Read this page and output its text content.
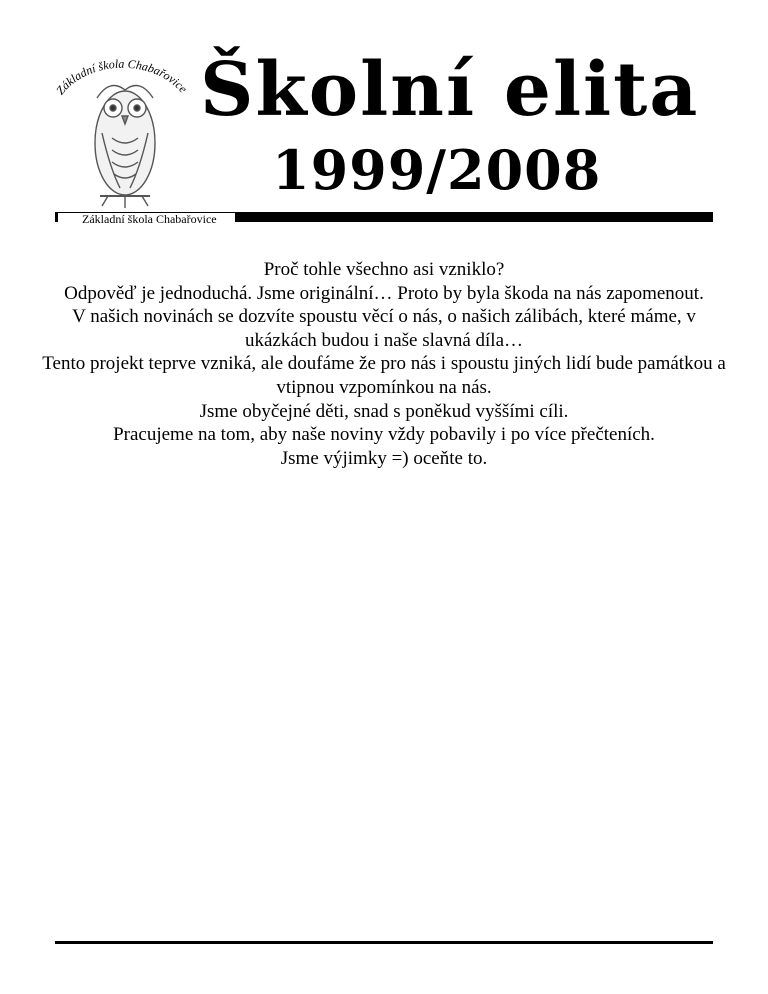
Základní škola Chabařovice Školní elita
1999/2008
Základní škola Chabařovice

Proč tohle všechno asi vzniklo?

Odpověď je jednoduchá. Jsme originální… Proto by byla škoda na nás zapomenout.

V našich novinách se dozvíte spoustu věcí o nás, o našich zálibách, které máme, v ukázkách budou i naše slavná díla…

Tento projekt teprve vzniká, ale doufáme že pro nás i spoustu jiných lidí bude památkou a vtipnou vzpomínkou na nás.

Jsme obyčejné děti, snad s poněkud vyššími cíli.

Pracujeme na tom, aby naše noviny vždy pobavily i po více přečteních.

Jsme výjimky =) oceňte to.
